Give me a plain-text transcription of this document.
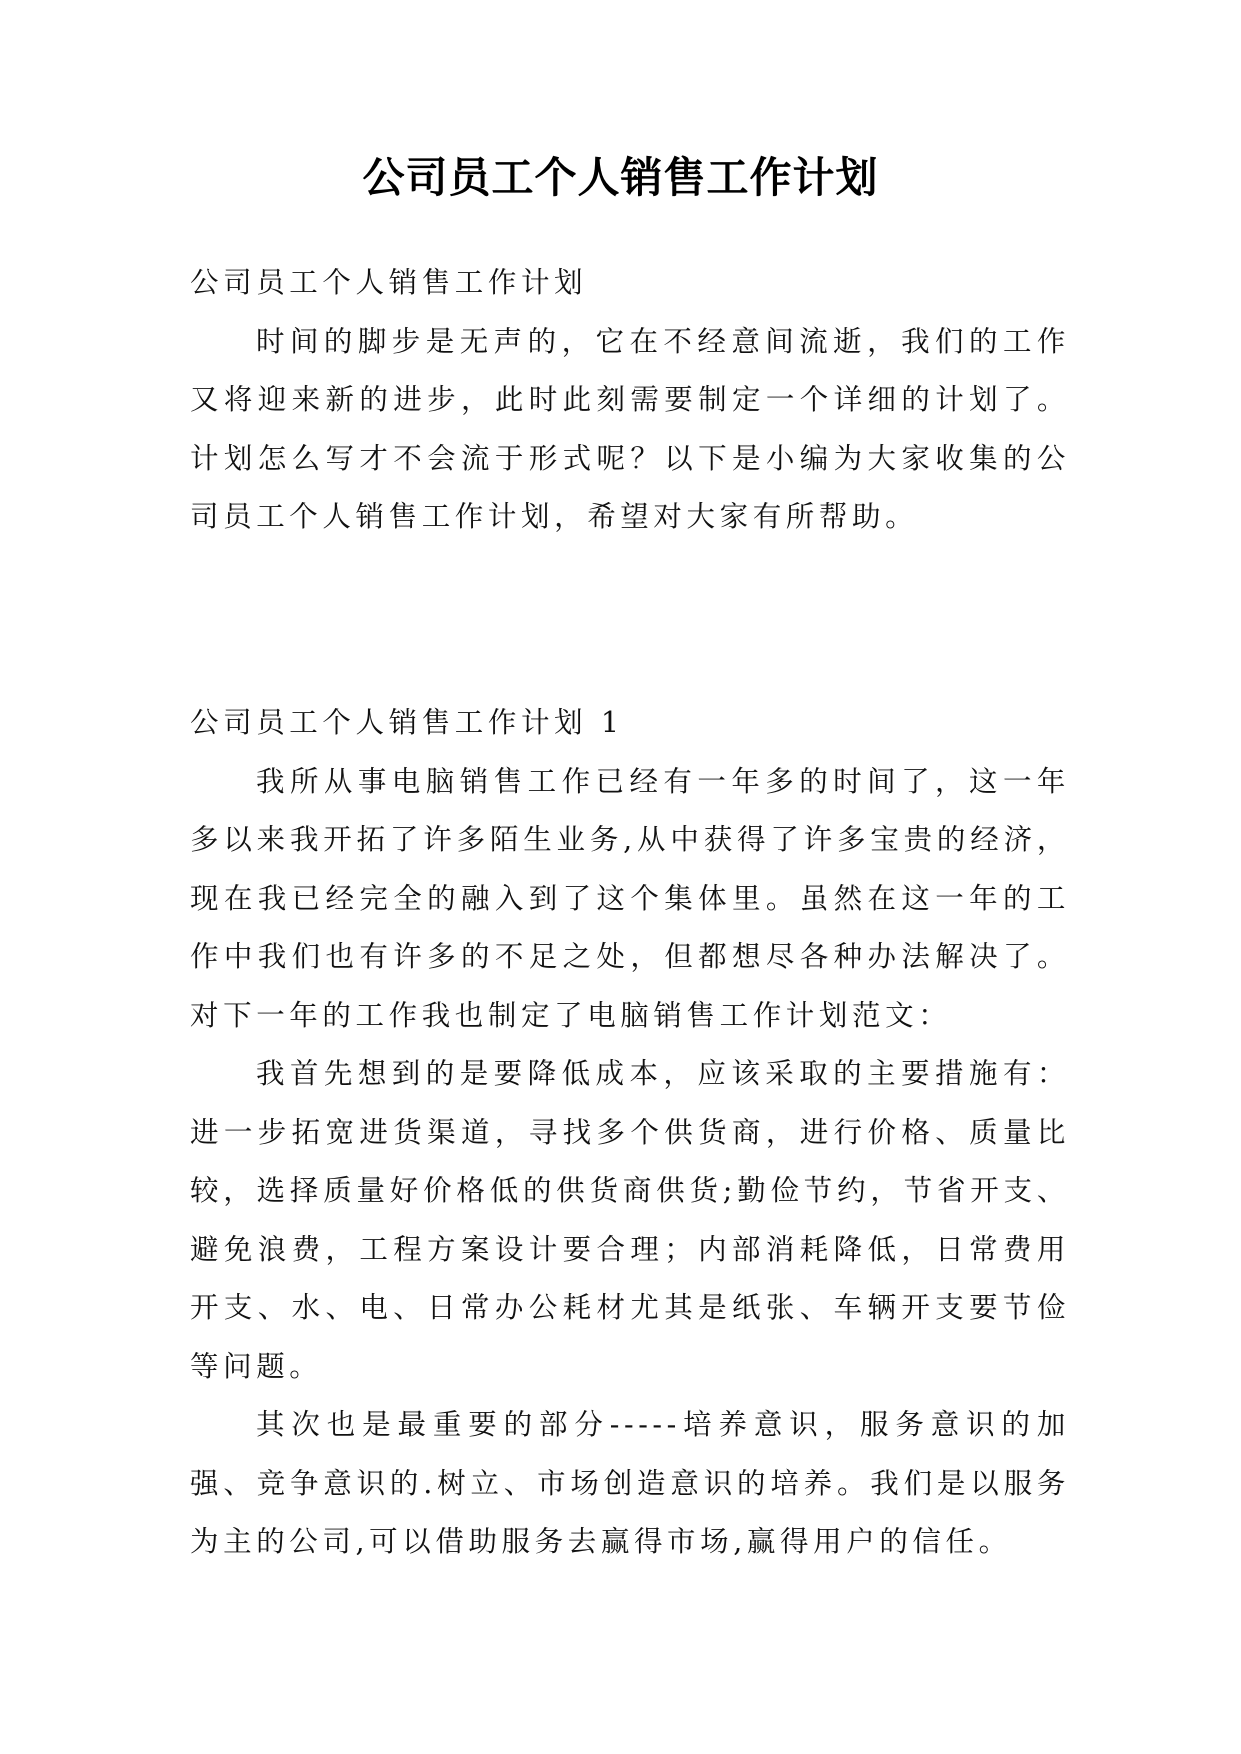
公司员工个人销售工作计划

公司员工个人销售工作计划

时间的脚步是无声的，它在不经意间流逝，我们的工作又将迎来新的进步，此时此刻需要制定一个详细的计划了。计划怎么写才不会流于形式呢？以下是小编为大家收集的公司员工个人销售工作计划，希望对大家有所帮助。

公司员工个人销售工作计划 1

我所从事电脑销售工作已经有一年多的时间了，这一年多以来我开拓了许多陌生业务,从中获得了许多宝贵的经济，现在我已经完全的融入到了这个集体里。虽然在这一年的工作中我们也有许多的不足之处，但都想尽各种办法解决了。对下一年的工作我也制定了电脑销售工作计划范文：

我首先想到的是要降低成本，应该采取的主要措施有：进一步拓宽进货渠道，寻找多个供货商，进行价格、质量比较，选择质量好价格低的供货商供货;勤俭节约，节省开支、避免浪费，工程方案设计要合理；内部消耗降低，日常费用开支、水、电、日常办公耗材尤其是纸张、车辆开支要节俭等问题。

其次也是最重要的部分-----培养意识，服务意识的加强、竞争意识的.树立、市场创造意识的培养。我们是以服务为主的公司,可以借助服务去赢得市场,赢得用户的信任。
